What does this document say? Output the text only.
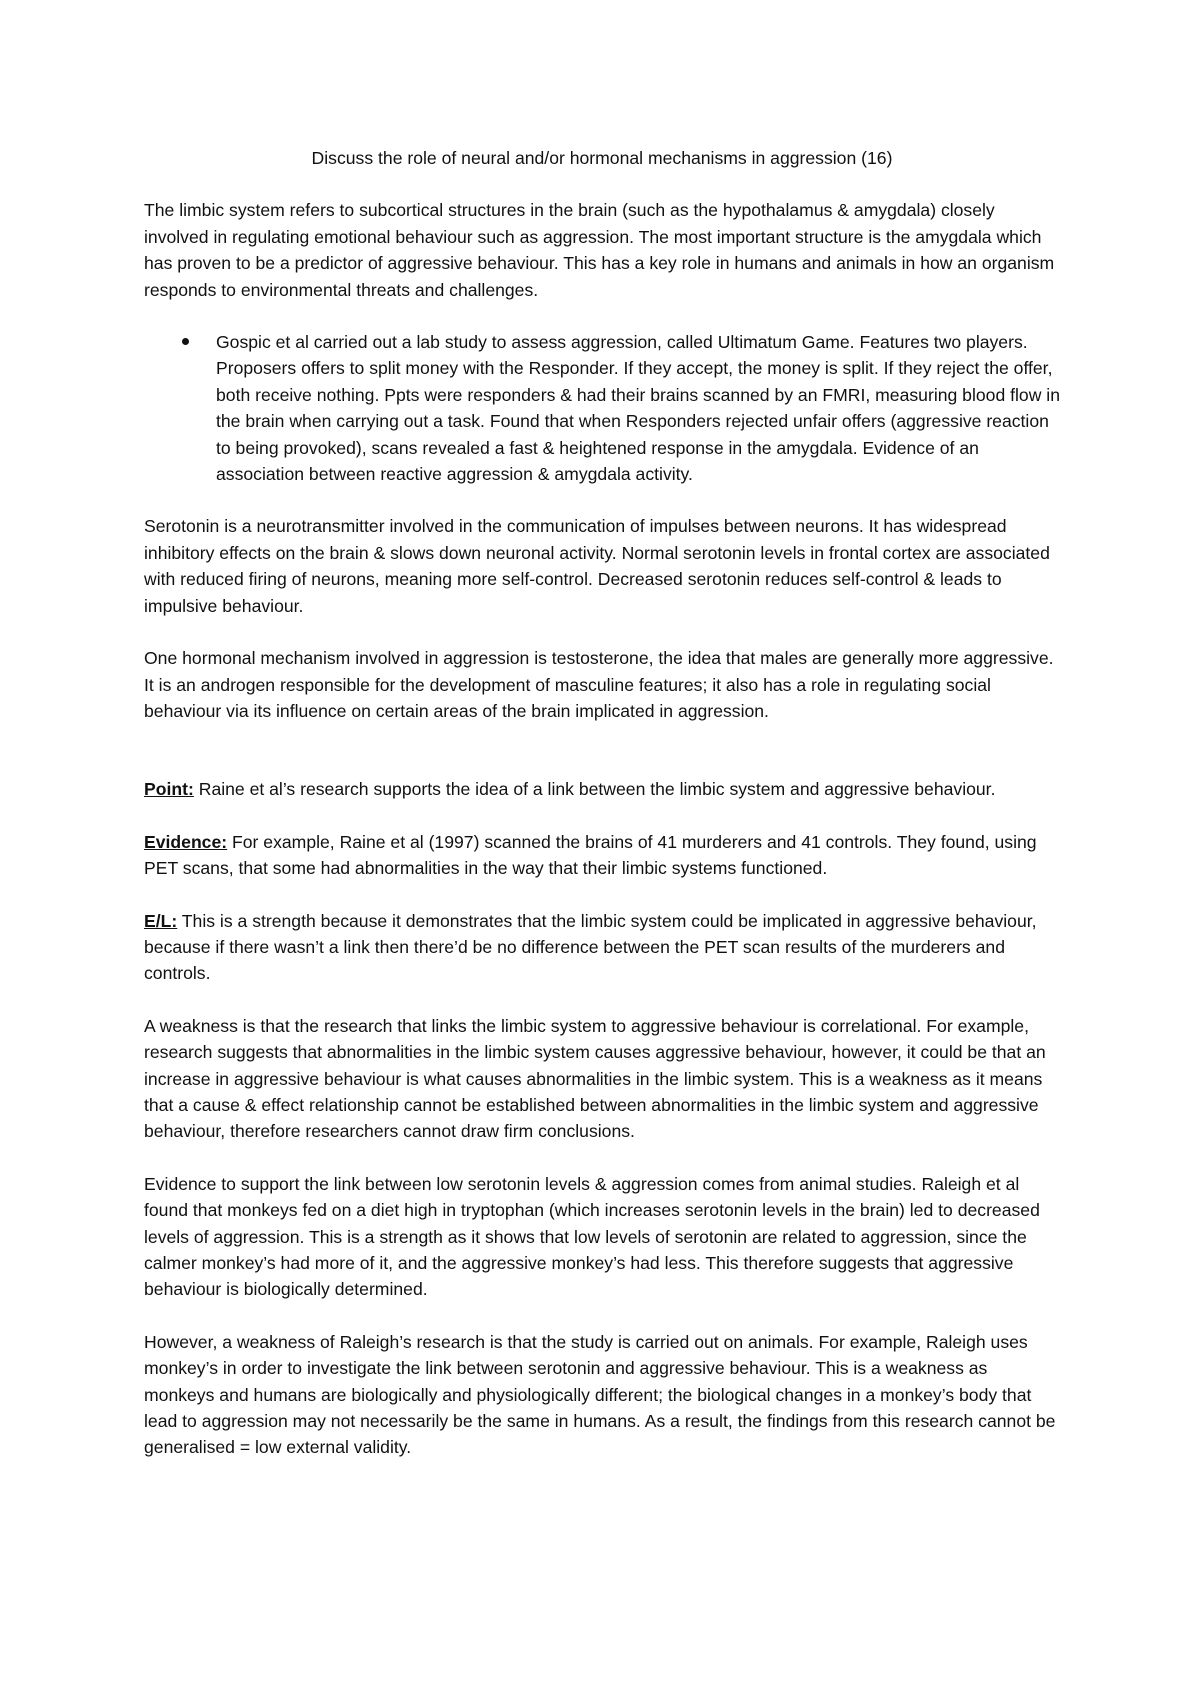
Discuss the role of neural and/or hormonal mechanisms in aggression (16)

The limbic system refers to subcortical structures in the brain (such as the hypothalamus & amygdala) closely involved in regulating emotional behaviour such as aggression. The most important structure is the amygdala which has proven to be a predictor of aggressive behaviour. This has a key role in humans and animals in how an organism responds to environmental threats and challenges.

Gospic et al carried out a lab study to assess aggression, called Ultimatum Game. Features two players. Proposers offers to split money with the Responder. If they accept, the money is split. If they reject the offer, both receive nothing. Ppts were responders & had their brains scanned by an FMRI, measuring blood flow in the brain when carrying out a task. Found that when Responders rejected unfair offers (aggressive reaction to being provoked), scans revealed a fast & heightened response in the amygdala. Evidence of an association between reactive aggression & amygdala activity.

Serotonin is a neurotransmitter involved in the communication of impulses between neurons. It has widespread inhibitory effects on the brain & slows down neuronal activity. Normal serotonin levels in frontal cortex are associated with reduced firing of neurons, meaning more self-control. Decreased serotonin reduces self-control & leads to impulsive behaviour.

One hormonal mechanism involved in aggression is testosterone, the idea that males are generally more aggressive. It is an androgen responsible for the development of masculine features; it also has a role in regulating social behaviour via its influence on certain areas of the brain implicated in aggression.

Point: Raine et al’s research supports the idea of a link between the limbic system and aggressive behaviour.

Evidence: For example, Raine et al (1997) scanned the brains of 41 murderers and 41 controls. They found, using PET scans, that some had abnormalities in the way that their limbic systems functioned.

E/L: This is a strength because it demonstrates that the limbic system could be implicated in aggressive behaviour, because if there wasn’t a link then there’d be no difference between the PET scan results of the murderers and controls.

A weakness is that the research that links the limbic system to aggressive behaviour is correlational. For example, research suggests that abnormalities in the limbic system causes aggressive behaviour, however, it could be that an increase in aggressive behaviour is what causes abnormalities in the limbic system. This is a weakness as it means that a cause & effect relationship cannot be established between abnormalities in the limbic system and aggressive behaviour, therefore researchers cannot draw firm conclusions.

Evidence to support the link between low serotonin levels & aggression comes from animal studies. Raleigh et al found that monkeys fed on a diet high in tryptophan (which increases serotonin levels in the brain) led to decreased levels of aggression. This is a strength as it shows that low levels of serotonin are related to aggression, since the calmer monkey’s had more of it, and the aggressive monkey’s had less. This therefore suggests that aggressive behaviour is biologically determined.

However, a weakness of Raleigh’s research is that the study is carried out on animals. For example, Raleigh uses monkey’s in order to investigate the link between serotonin and aggressive behaviour. This is a weakness as monkeys and humans are biologically and physiologically different; the biological changes in a monkey’s body that lead to aggression may not necessarily be the same in humans. As a result, the findings from this research cannot be generalised = low external validity.
